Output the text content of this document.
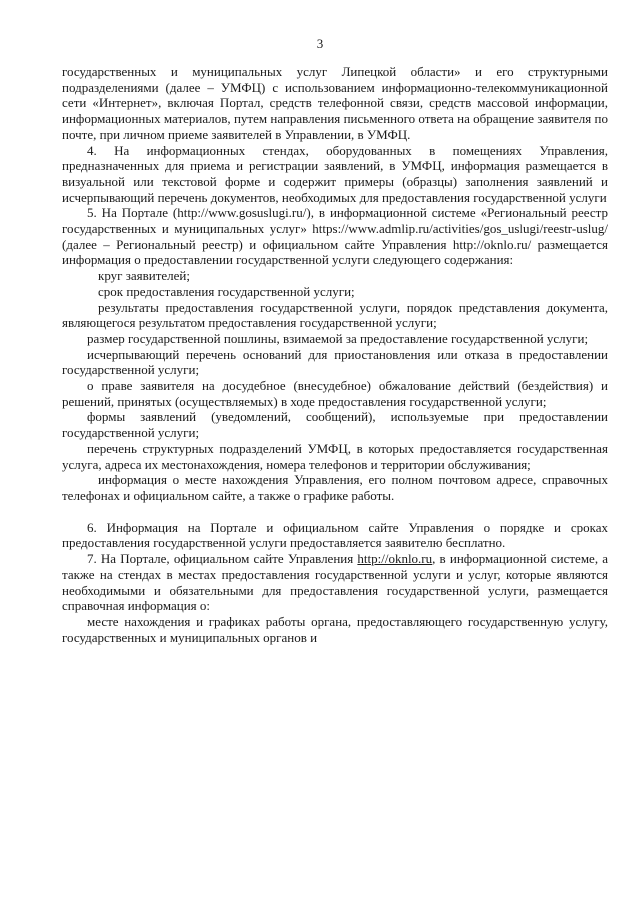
3

государственных и муниципальных услуг Липецкой области» и его структурными подразделениями (далее – УМФЦ) с использованием информационно-телекоммуникационной сети «Интернет», включая Портал, средств телефонной связи, средств массовой информации, информационных материалов, путем направления письменного ответа на обращение заявителя по почте, при личном приеме заявителей в Управлении, в УМФЦ.

4. На информационных стендах, оборудованных в помещениях Управления, предназначенных для приема и регистрации заявлений, в УМФЦ, информация размещается в визуальной или текстовой форме и содержит примеры (образцы) заполнения заявлений и исчерпывающий перечень документов, необходимых для предоставления государственной услуги

5. На Портале (http://www.gosuslugi.ru/), в информационной системе «Региональный реестр государственных и муниципальных услуг» https://www.admlip.ru/activities/gos_uslugi/reestr-uslug/ (далее – Региональный реестр) и официальном сайте Управления http://oknlo.ru/ размещается информация о предоставлении государственной услуги следующего содержания:

круг заявителей;

срок предоставления государственной услуги;

результаты предоставления государственной услуги, порядок представления документа, являющегося результатом предоставления государственной услуги;

размер государственной пошлины, взимаемой за предоставление государственной услуги;

исчерпывающий перечень оснований для приостановления или отказа в предоставлении государственной услуги;

о праве заявителя на досудебное (внесудебное) обжалование действий (бездействия) и решений, принятых (осуществляемых) в ходе предоставления государственной услуги;

формы заявлений (уведомлений, сообщений), используемые при предоставлении государственной услуги;

перечень структурных подразделений УМФЦ, в которых предоставляется государственная услуга, адреса их местонахождения, номера телефонов и территории обслуживания;

информация о месте нахождения Управления, его полном почтовом адресе, справочных телефонах и официальном сайте, а также о графике работы.

6. Информация на Портале и официальном сайте Управления о порядке и сроках предоставления государственной услуги предоставляется заявителю бесплатно.

7. На Портале, официальном сайте Управления http://oknlo.ru, в информационной системе, а также на стендах в местах предоставления государственной услуги и услуг, которые являются необходимыми и обязательными для предоставления государственной услуги, размещается справочная информация о:

месте нахождения и графиках работы органа, предоставляющего государственную услугу, государственных и муниципальных органов и
